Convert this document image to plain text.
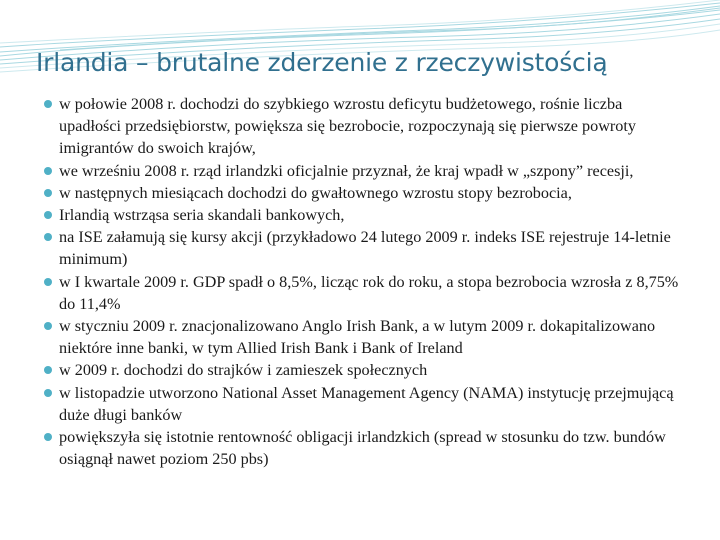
Irlandia – brutalne zderzenie z rzeczywistością
w połowie 2008 r. dochodzi do szybkiego wzrostu deficytu budżetowego, rośnie liczba upadłości przedsiębiorstw, powiększa się bezrobocie, rozpoczynają się pierwsze powroty imigrantów do swoich krajów,
we wrześniu 2008 r. rząd irlandzki oficjalnie przyznał, że kraj wpadł w „szpony” recesji,
w następnych miesiącach dochodzi do gwałtownego wzrostu stopy bezrobocia,
Irlandią wstrząsa seria skandali bankowych,
na ISE załamują się kursy akcji (przykładowo 24 lutego 2009 r. indeks ISE rejestruje 14-letnie minimum)
w I kwartale 2009 r. GDP spadł o 8,5%, licząc rok do roku, a stopa bezrobocia wzrosła z 8,75% do 11,4%
w styczniu 2009 r. znacjonalizowano Anglo Irish Bank, a w lutym 2009 r. dokapitalizowano niektóre inne banki, w tym Allied Irish Bank i Bank of Ireland
w 2009 r. dochodzi do strajków i zamieszek społecznych
w listopadzie utworzono National Asset Management Agency (NAMA) instytucję przejmującą duże długi banków
powiększyła się istotnie rentowność obligacji irlandzkich (spread w stosunku do tzw. bundów osiągnął nawet poziom 250 pbs)
